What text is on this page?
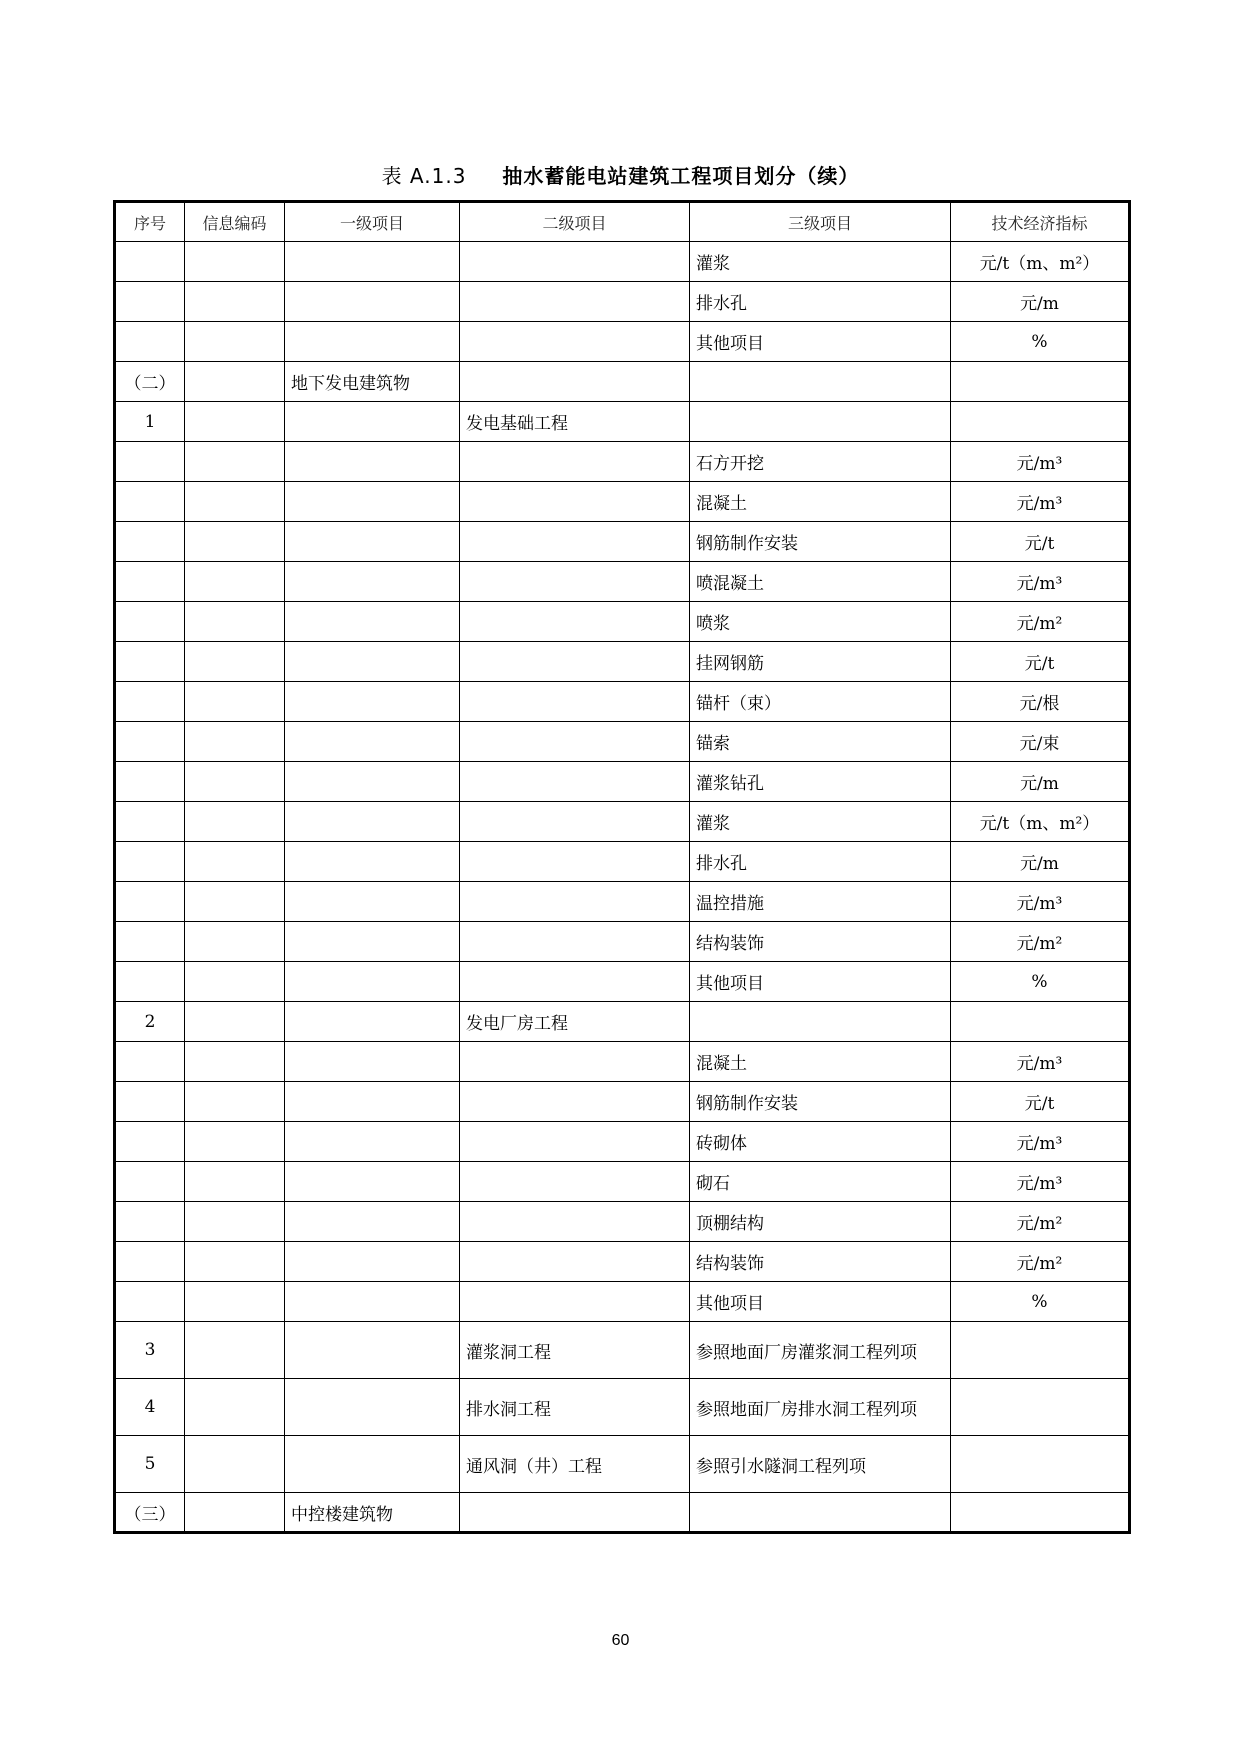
表 A.1.3 抽水蓄能电站建筑工程项目划分（续）
序号	信息编码	一级项目	二级项目	三级项目	技术经济指标
				灌浆	元/t（m、m²）
				排水孔	元/m
				其他项目	%
（二）		地下发电建筑物			
1			发电基础工程		
				石方开挖	元/m³
				混凝土	元/m³
				钢筋制作安装	元/t
				喷混凝土	元/m³
				喷浆	元/m²
				挂网钢筋	元/t
				锚杆（束）	元/根
				锚索	元/束
				灌浆钻孔	元/m
				灌浆	元/t（m、m²）
				排水孔	元/m
				温控措施	元/m³
				结构装饰	元/m²
				其他项目	%
2			发电厂房工程		
				混凝土	元/m³
				钢筋制作安装	元/t
				砖砌体	元/m³
				砌石	元/m³
				顶棚结构	元/m²
				结构装饰	元/m²
				其他项目	%
3			灌浆洞工程	参照地面厂房灌浆洞工程列项	
4			排水洞工程	参照地面厂房排水洞工程列项	
5			通风洞（井）工程	参照引水隧洞工程列项	
（三）		中控楼建筑物			
60
